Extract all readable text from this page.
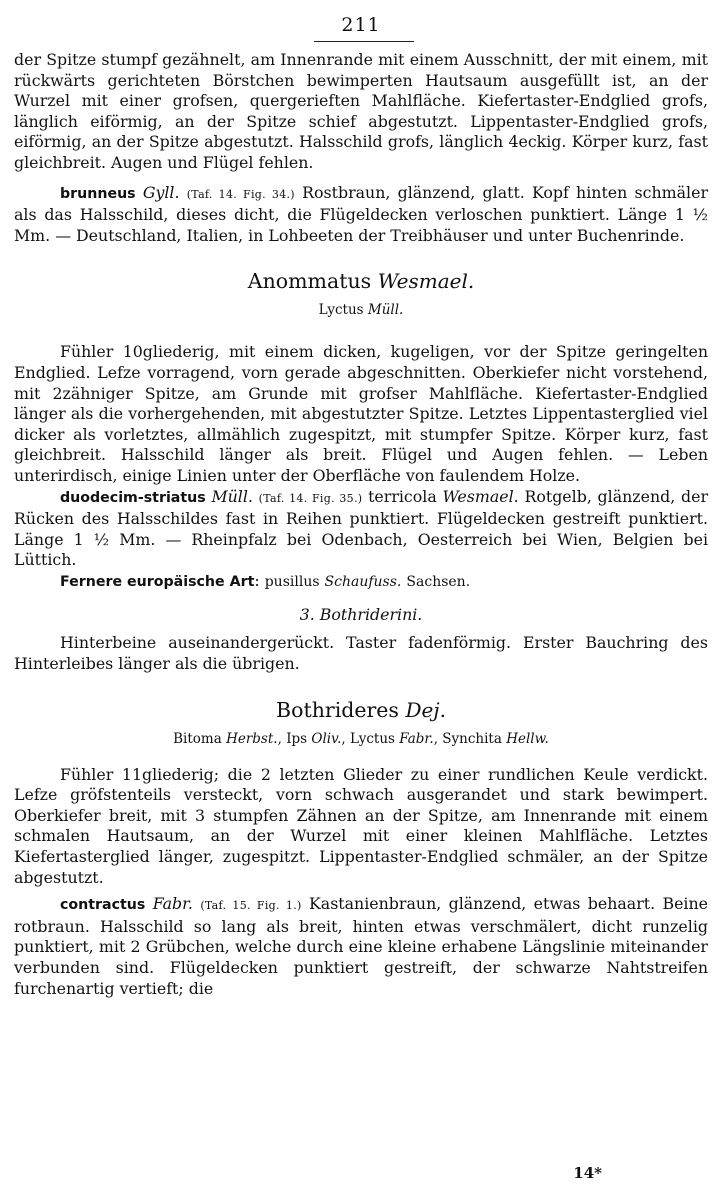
211

der Spitze stumpf gezähnelt, am Innenrande mit einem Ausschnitt, der mit einem, mit rückwärts gerichteten Börstchen bewimperten Hautsaum ausgefüllt ist, an der Wurzel mit einer grofsen, quergerieften Mahlfläche. Kiefertaster-Endglied grofs, länglich eiförmig, an der Spitze schief abgestutzt. Lippentaster-Endglied grofs, eiförmig, an der Spitze abgestutzt. Halsschild grofs, länglich 4eckig. Körper kurz, fast gleichbreit. Augen und Flügel fehlen.

brunneus Gyll. (Taf. 14. Fig. 34.) Rostbraun, glänzend, glatt. Kopf hinten schmäler als das Halsschild, dieses dicht, die Flügeldecken verloschen punktiert. Länge 1 ½ Mm. — Deutschland, Italien, in Lohbeeten der Treibhäuser und unter Buchenrinde.

Anommatus Wesmael.
Lyctus Müll.

Fühler 10gliederig, mit einem dicken, kugeligen, vor der Spitze geringelten Endglied. Lefze vorragend, vorn gerade abgeschnitten. Oberkiefer nicht vorstehend, mit 2zähniger Spitze, am Grunde mit grofser Mahlfläche. Kiefertaster-Endglied länger als die vorhergehenden, mit abgestutzter Spitze. Letztes Lippentasterglied viel dicker als vorletztes, allmählich zugespitzt, mit stumpfer Spitze. Körper kurz, fast gleichbreit. Halsschild länger als breit. Flügel und Augen fehlen. — Leben unterirdisch, einige Linien unter der Oberfläche von faulendem Holze.

duodecim-striatus Müll. (Taf. 14. Fig. 35.) terricola Wesmael. Rotgelb, glänzend, der Rücken des Halsschildes fast in Reihen punktiert. Flügeldecken gestreift punktiert. Länge 1 ½ Mm. — Rheinpfalz bei Odenbach, Oesterreich bei Wien, Belgien bei Lüttich.

Fernere europäische Art: pusillus Schaufuss. Sachsen.

3. Bothriderini.

Hinterbeine auseinandergerückt. Taster fadenförmig. Erster Bauchring des Hinterleibes länger als die übrigen.

Bothrideres Dej.
Bitoma Herbst., Ips Oliv., Lyctus Fabr., Synchita Hellw.

Fühler 11gliederig; die 2 letzten Glieder zu einer rundlichen Keule verdickt. Lefze gröfstenteils versteckt, vorn schwach ausgerandet und stark bewimpert. Oberkiefer breit, mit 3 stumpfen Zähnen an der Spitze, am Innenrande mit einem schmalen Hautsaum, an der Wurzel mit einer kleinen Mahlfläche. Letztes Kiefertasterglied länger, zugespitzt. Lippentaster-Endglied schmäler, an der Spitze abgestutzt.

contractus Fabr. (Taf. 15. Fig. 1.) Kastanienbraun, glänzend, etwas behaart. Beine rotbraun. Halsschild so lang als breit, hinten etwas verschmälert, dicht runzelig punktiert, mit 2 Grübchen, welche durch eine kleine erhabene Längslinie miteinander verbunden sind. Flügeldecken punktiert gestreift, der schwarze Nahtstreifen furchenartig vertieft; die

14*
